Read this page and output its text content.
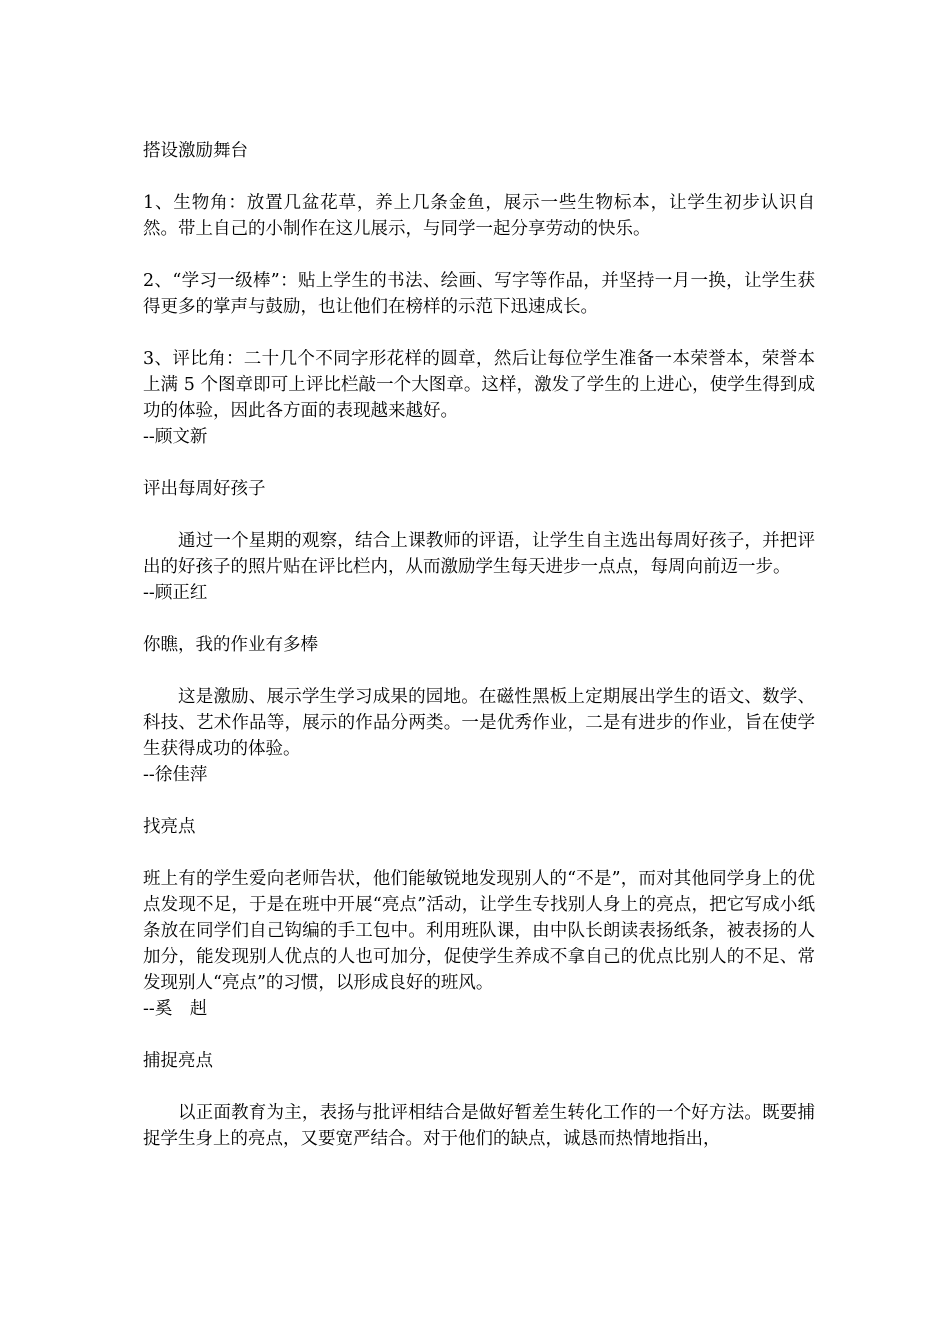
搭设激励舞台

1、生物角：放置几盆花草，养上几条金鱼，展示一些生物标本，让学生初步认识自然。带上自己的小制作在这儿展示，与同学一起分享劳动的快乐。

2、“学习一级棒”：贴上学生的书法、绘画、写字等作品，并坚持一月一换，让学生获得更多的掌声与鼓励，也让他们在榜样的示范下迅速成长。

3、评比角：二十几个不同字形花样的圆章，然后让每位学生准备一本荣誉本，荣誉本上满 5 个图章即可上评比栏敲一个大图章。这样，激发了学生的上进心，使学生得到成功的体验，因此各方面的表现越来越好。

--顾文新
评出每周好孩子

通过一个星期的观察，结合上课教师的评语，让学生自主选出每周好孩子，并把评出的好孩子的照片贴在评比栏内，从而激励学生每天进步一点点，每周向前迈一步。

--顾正红
你瞧，我的作业有多棒

这是激励、展示学生学习成果的园地。在磁性黑板上定期展出学生的语文、数学、科技、艺术作品等，展示的作品分两类。一是优秀作业，二是有进步的作业，旨在使学生获得成功的体验。

--徐佳萍
找亮点

班上有的学生爱向老师告状，他们能敏锐地发现别人的“不是”，而对其他同学身上的优点发现不足，于是在班中开展“亮点”活动，让学生专找别人身上的亮点，把它写成小纸条放在同学们自己钩编的手工包中。利用班队课，由中队长朗读表扬纸条，被表扬的人加分，能发现别人优点的人也可加分，促使学生养成不拿自己的优点比别人的不足、常发现别人“亮点”的习惯，以形成良好的班风。

--奚　赳
捕捉亮点

以正面教育为主，表扬与批评相结合是做好暂差生转化工作的一个好方法。既要捕捉学生身上的亮点，又要宽严结合。对于他们的缺点，诚恳而热情地指出，
